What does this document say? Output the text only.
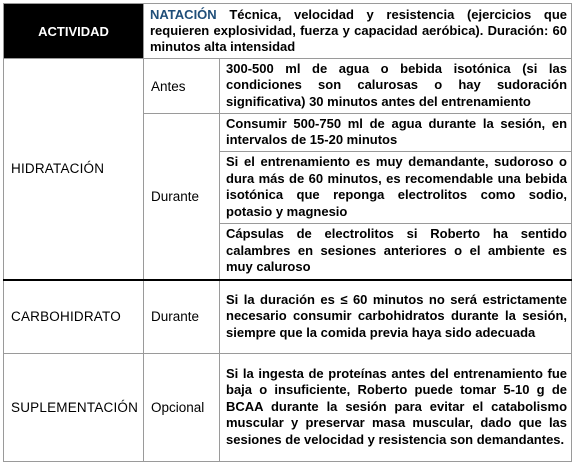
ACTIVIDAD	NATACIÓN Técnica, velocidad y resistencia (ejercicios que requieren explosividad, fuerza y capacidad aeróbica). Duración: 60 minutos alta intensidad	
HIDRATACIÓN	Antes	300-500 ml de agua o bebida isotónica (si las condiciones son calurosas o hay sudoración significativa) 30 minutos antes del entrenamiento
	Durante	Consumir 500-750 ml de agua durante la sesión, en intervalos de 15-20 minutos
		Si el entrenamiento es muy demandante, sudoroso o dura más de 60 minutos, es recomendable una bebida isotónica que reponga electrolitos como sodio, potasio y magnesio
		Cápsulas de electrolitos si Roberto ha sentido calambres en sesiones anteriores o el ambiente es muy caluroso
CARBOHIDRATO	Durante	Si la duración es ≤ 60 minutos no será estrictamente necesario consumir carbohidratos durante la sesión, siempre que la comida previa haya sido adecuada
SUPLEMENTACIÓN	Opcional	Si la ingesta de proteínas antes del entrenamiento fue baja o insuficiente, Roberto puede tomar 5-10 g de BCAA durante la sesión para evitar el catabolismo muscular y preservar masa muscular, dado que las sesiones de velocidad y resistencia son demandantes.
